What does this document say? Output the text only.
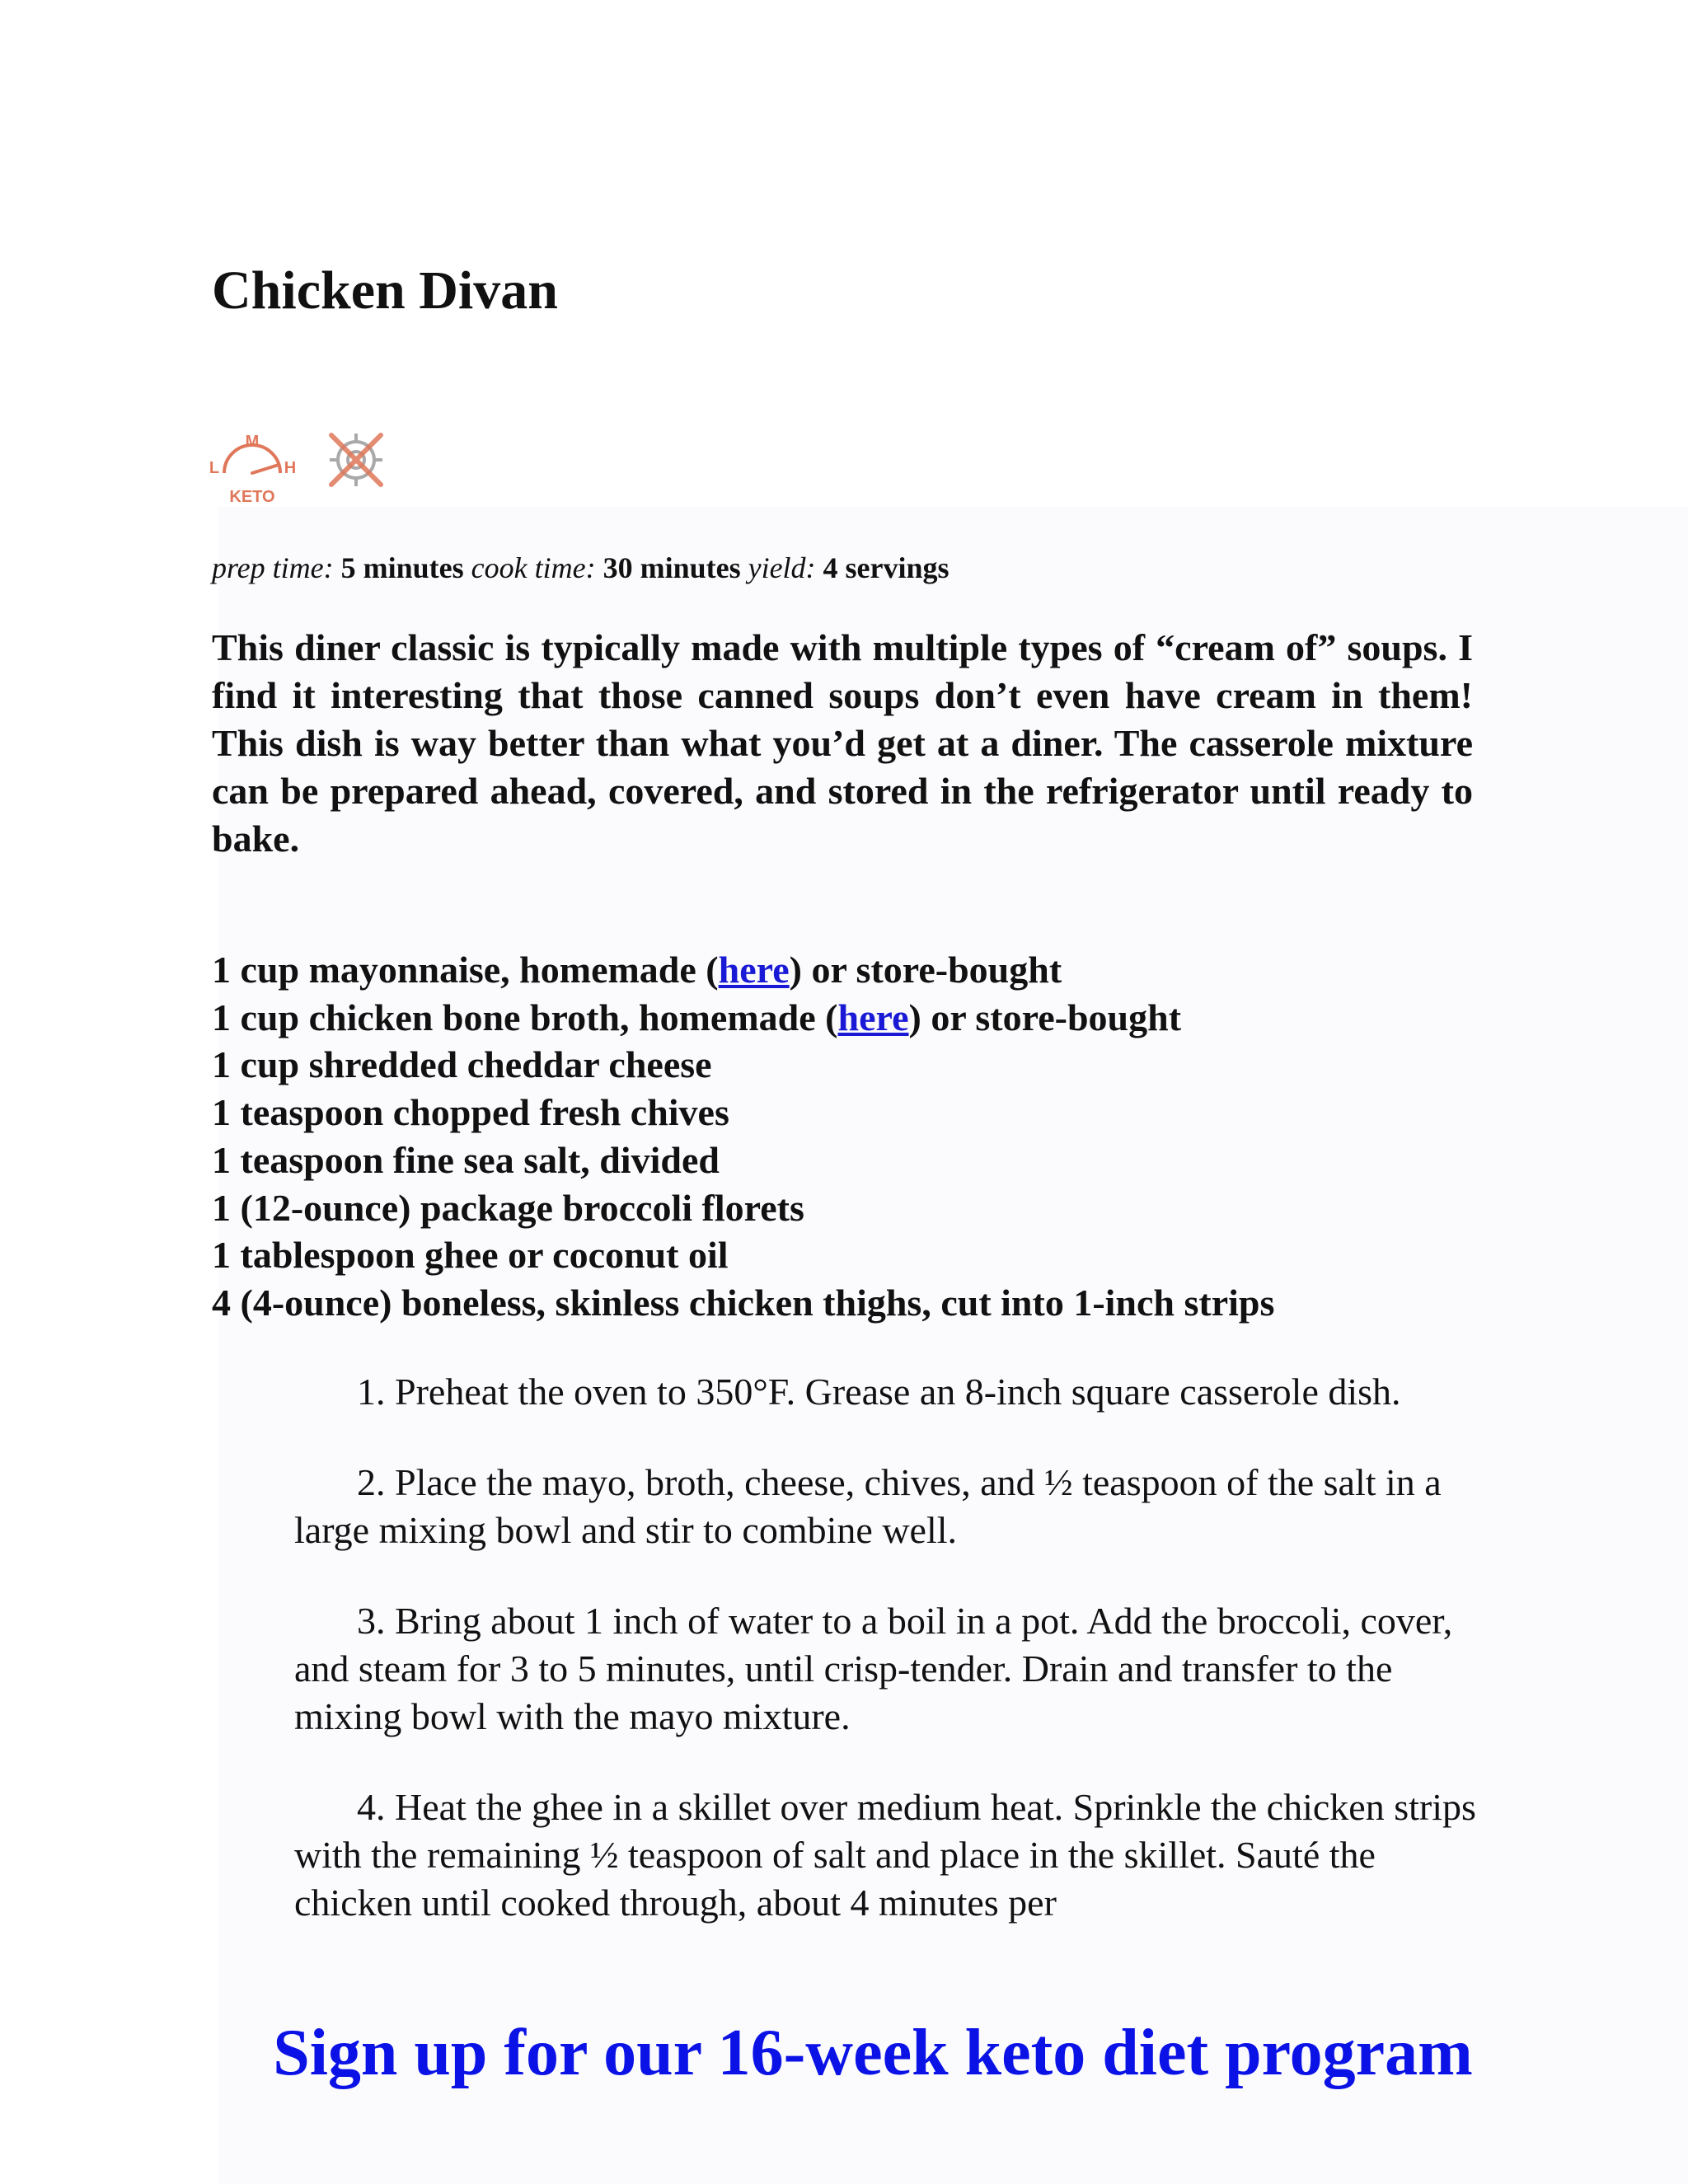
Chicken Divan
M
L	H
KETO
prep time: 5 minutes cook time: 30 minutes yield: 4 servings

This diner classic is typically made with multiple types of “cream of” soups. I find it interesting that those canned soups don’t even have cream in them! This dish is way better than what you’d get at a diner. The casserole mixture can be prepared ahead, covered, and stored in the refrigerator until ready to bake.

1 cup mayonnaise, homemade (here) or store-bought
1 cup chicken bone broth, homemade (here) or store-bought
1 cup shredded cheddar cheese
1 teaspoon chopped fresh chives
1 teaspoon fine sea salt, divided
1 (12-ounce) package broccoli florets
1 tablespoon ghee or coconut oil
4 (4-ounce) boneless, skinless chicken thighs, cut into 1-inch strips

1. Preheat the oven to 350°F. Grease an 8-inch square casserole dish.

2. Place the mayo, broth, cheese, chives, and ½ teaspoon of the salt in a large mixing bowl and stir to combine well.

3. Bring about 1 inch of water to a boil in a pot. Add the broccoli, cover, and steam for 3 to 5 minutes, until crisp-tender. Drain and transfer to the mixing bowl with the mayo mixture.

4. Heat the ghee in a skillet over medium heat. Sprinkle the chicken strips with the remaining ½ teaspoon of salt and place in the skillet. Sauté the chicken until cooked through, about 4 minutes per

Sign up for our 16-week keto diet program
